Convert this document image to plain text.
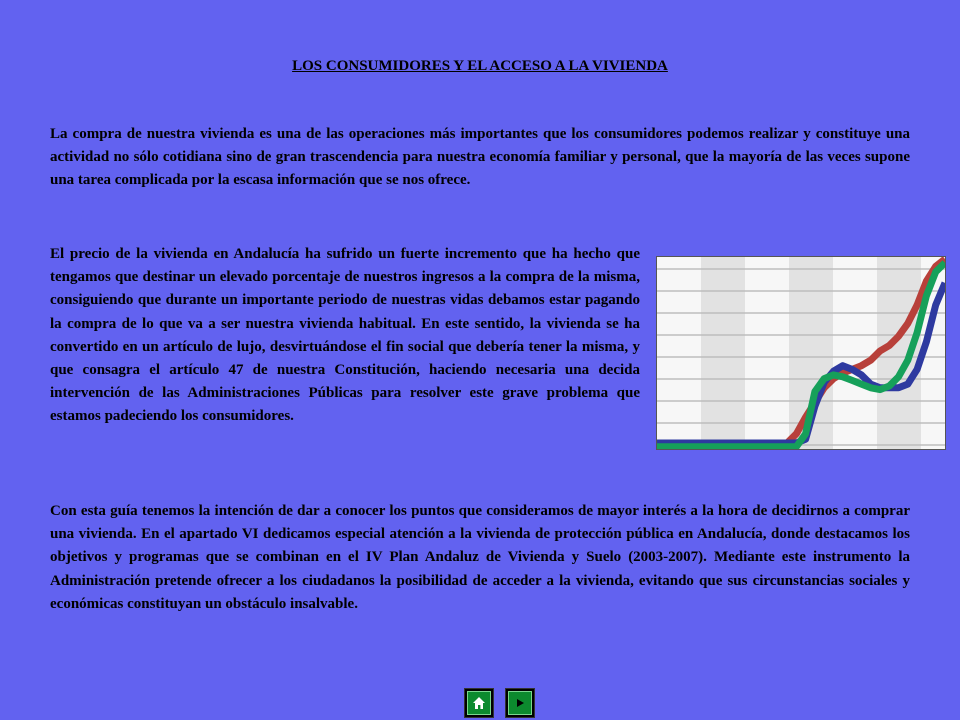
LOS CONSUMIDORES Y EL ACCESO A LA VIVIENDA

La compra de nuestra vivienda es una de las operaciones más importantes que los consumidores podemos realizar y constituye una actividad no sólo cotidiana sino de gran trascendencia para nuestra economía familiar y personal, que la mayoría de las veces supone una tarea complicada por la escasa información que se nos ofrece.

El precio de la vivienda en Andalucía ha sufrido un fuerte incremento que ha hecho que tengamos que destinar un elevado porcentaje de nuestros ingresos a la compra de la misma, consiguiendo que durante un importante periodo de nuestras vidas debamos estar pagando la compra de lo que va a ser nuestra vivienda habitual. En este sentido, la vivienda se ha convertido en un artículo de lujo, desvirtuándose el fin social que debería tener la misma, y que consagra el artículo 47 de nuestra Constitución, haciendo necesaria una decida intervención de las Administraciones Públicas para resolver este grave problema que estamos padeciendo los consumidores.

Con esta guía tenemos la intención de dar a conocer los puntos que consideramos de mayor interés a la hora de decidirnos a comprar una vivienda. En el apartado VI dedicamos especial atención a la vivienda de protección pública en Andalucía, donde destacamos los objetivos y programas que se combinan en el IV Plan Andaluz de Vivienda y Suelo (2003-2007). Mediante este instrumento la Administración pretende ofrecer a los ciudadanos la posibilidad de acceder a la vivienda, evitando que sus circunstancias sociales y económicas constituyan un obstáculo insalvable.
